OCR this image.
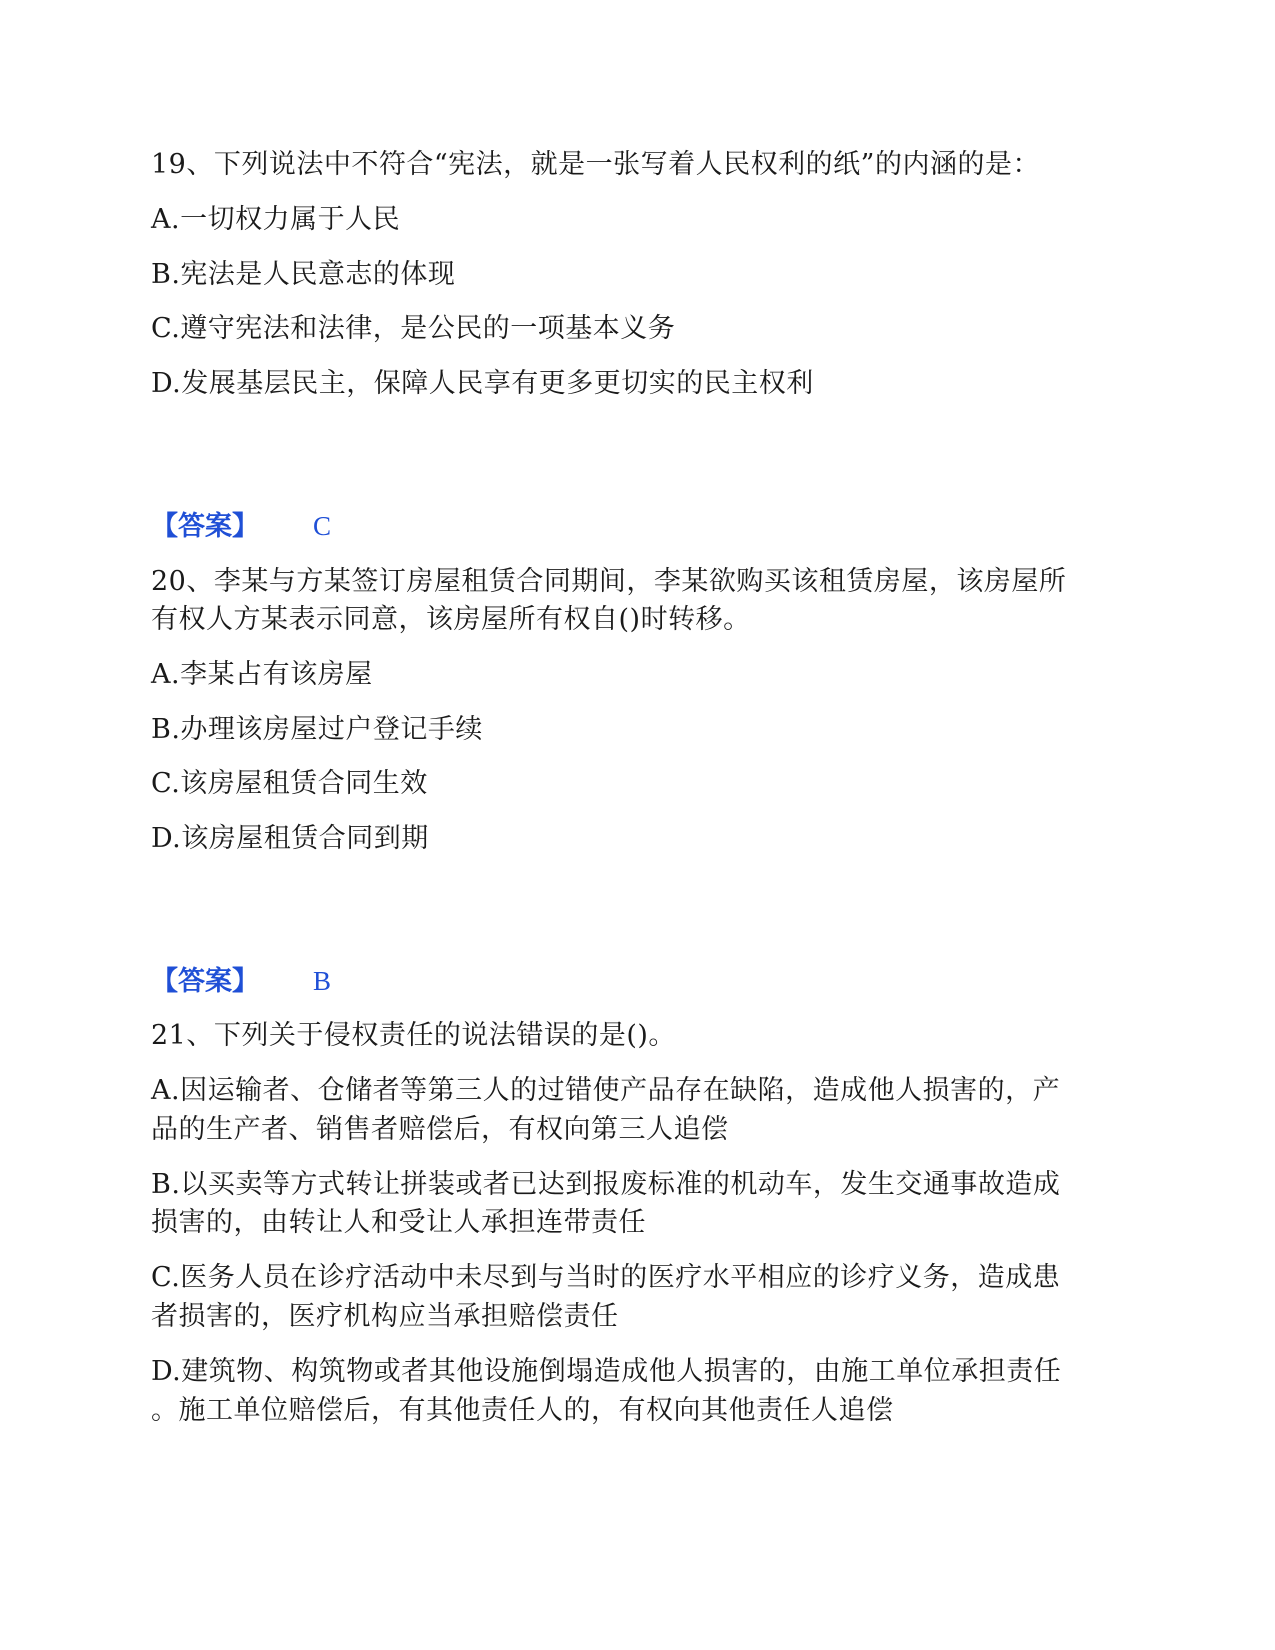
19、下列说法中不符合“宪法，就是一张写着人民权利的纸”的内涵的是：
A.一切权力属于人民
B.宪法是人民意志的体现
C.遵守宪法和法律，是公民的一项基本义务
D.发展基层民主，保障人民享有更多更切实的民主权利
【答案】 C
20、李某与方某签订房屋租赁合同期间，李某欲购买该租赁房屋，该房屋所
有权人方某表示同意，该房屋所有权自()时转移。
A.李某占有该房屋
B.办理该房屋过户登记手续
C.该房屋租赁合同生效
D.该房屋租赁合同到期
【答案】 B
21、下列关于侵权责任的说法错误的是()。
A.因运输者、仓储者等第三人的过错使产品存在缺陷，造成他人损害的，产
品的生产者、销售者赔偿后，有权向第三人追偿
B.以买卖等方式转让拼装或者已达到报废标准的机动车，发生交通事故造成
损害的，由转让人和受让人承担连带责任
C.医务人员在诊疗活动中未尽到与当时的医疗水平相应的诊疗义务，造成患
者损害的，医疗机构应当承担赔偿责任
D.建筑物、构筑物或者其他设施倒塌造成他人损害的，由施工单位承担责任
。施工单位赔偿后，有其他责任人的，有权向其他责任人追偿
